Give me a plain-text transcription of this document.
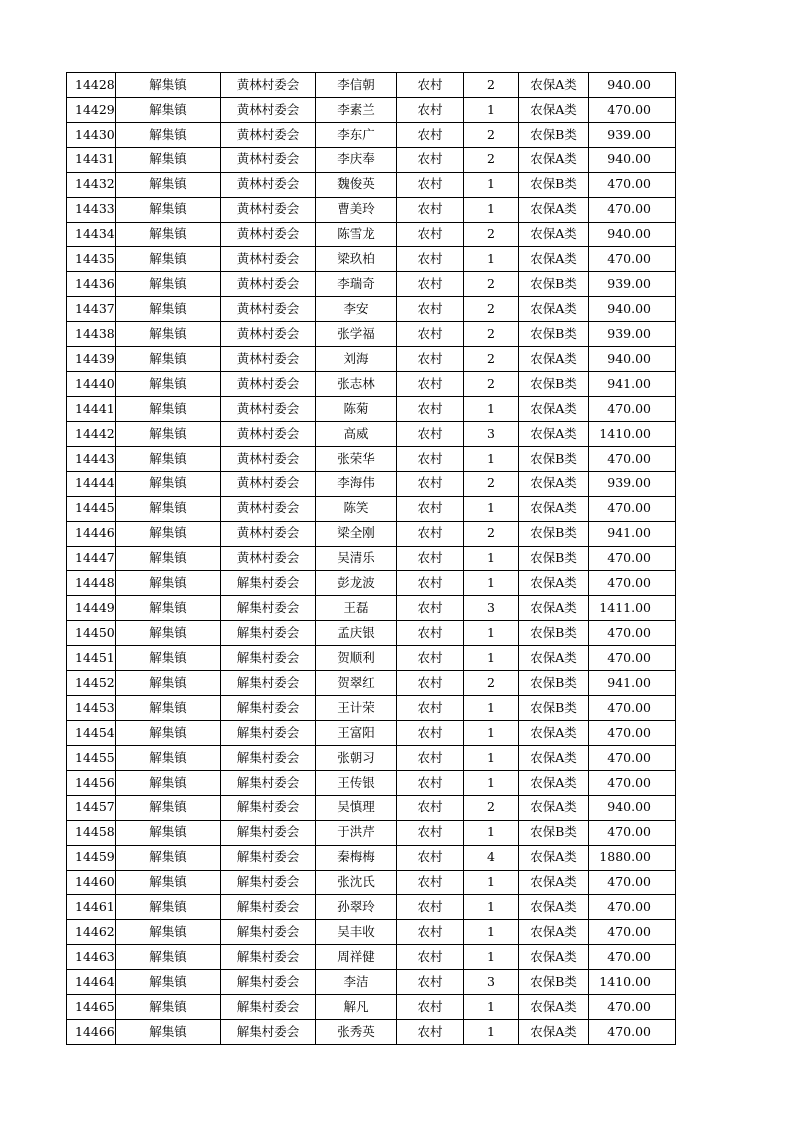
14428	解集镇	黄林村委会	李信朝	农村	2	农保A类	940.00
14429	解集镇	黄林村委会	李素兰	农村	1	农保A类	470.00
14430	解集镇	黄林村委会	李东广	农村	2	农保B类	939.00
14431	解集镇	黄林村委会	李庆奉	农村	2	农保A类	940.00
14432	解集镇	黄林村委会	魏俊英	农村	1	农保B类	470.00
14433	解集镇	黄林村委会	曹美玲	农村	1	农保A类	470.00
14434	解集镇	黄林村委会	陈雪龙	农村	2	农保A类	940.00
14435	解集镇	黄林村委会	梁玖柏	农村	1	农保A类	470.00
14436	解集镇	黄林村委会	李瑞奇	农村	2	农保B类	939.00
14437	解集镇	黄林村委会	李安	农村	2	农保A类	940.00
14438	解集镇	黄林村委会	张学福	农村	2	农保B类	939.00
14439	解集镇	黄林村委会	刘海	农村	2	农保A类	940.00
14440	解集镇	黄林村委会	张志林	农村	2	农保B类	941.00
14441	解集镇	黄林村委会	陈菊	农村	1	农保A类	470.00
14442	解集镇	黄林村委会	高威	农村	3	农保A类	1410.00
14443	解集镇	黄林村委会	张荣华	农村	1	农保B类	470.00
14444	解集镇	黄林村委会	李海伟	农村	2	农保A类	939.00
14445	解集镇	黄林村委会	陈笑	农村	1	农保A类	470.00
14446	解集镇	黄林村委会	梁全刚	农村	2	农保B类	941.00
14447	解集镇	黄林村委会	吴清乐	农村	1	农保B类	470.00
14448	解集镇	解集村委会	彭龙波	农村	1	农保A类	470.00
14449	解集镇	解集村委会	王磊	农村	3	农保A类	1411.00
14450	解集镇	解集村委会	孟庆银	农村	1	农保B类	470.00
14451	解集镇	解集村委会	贺顺利	农村	1	农保A类	470.00
14452	解集镇	解集村委会	贺翠红	农村	2	农保B类	941.00
14453	解集镇	解集村委会	王计荣	农村	1	农保B类	470.00
14454	解集镇	解集村委会	王富阳	农村	1	农保A类	470.00
14455	解集镇	解集村委会	张朝习	农村	1	农保A类	470.00
14456	解集镇	解集村委会	王传银	农村	1	农保A类	470.00
14457	解集镇	解集村委会	吴慎理	农村	2	农保A类	940.00
14458	解集镇	解集村委会	于洪芹	农村	1	农保B类	470.00
14459	解集镇	解集村委会	秦梅梅	农村	4	农保A类	1880.00
14460	解集镇	解集村委会	张沈氏	农村	1	农保A类	470.00
14461	解集镇	解集村委会	孙翠玲	农村	1	农保A类	470.00
14462	解集镇	解集村委会	吴丰收	农村	1	农保A类	470.00
14463	解集镇	解集村委会	周祥健	农村	1	农保A类	470.00
14464	解集镇	解集村委会	李洁	农村	3	农保B类	1410.00
14465	解集镇	解集村委会	解凡	农村	1	农保A类	470.00
14466	解集镇	解集村委会	张秀英	农村	1	农保A类	470.00
